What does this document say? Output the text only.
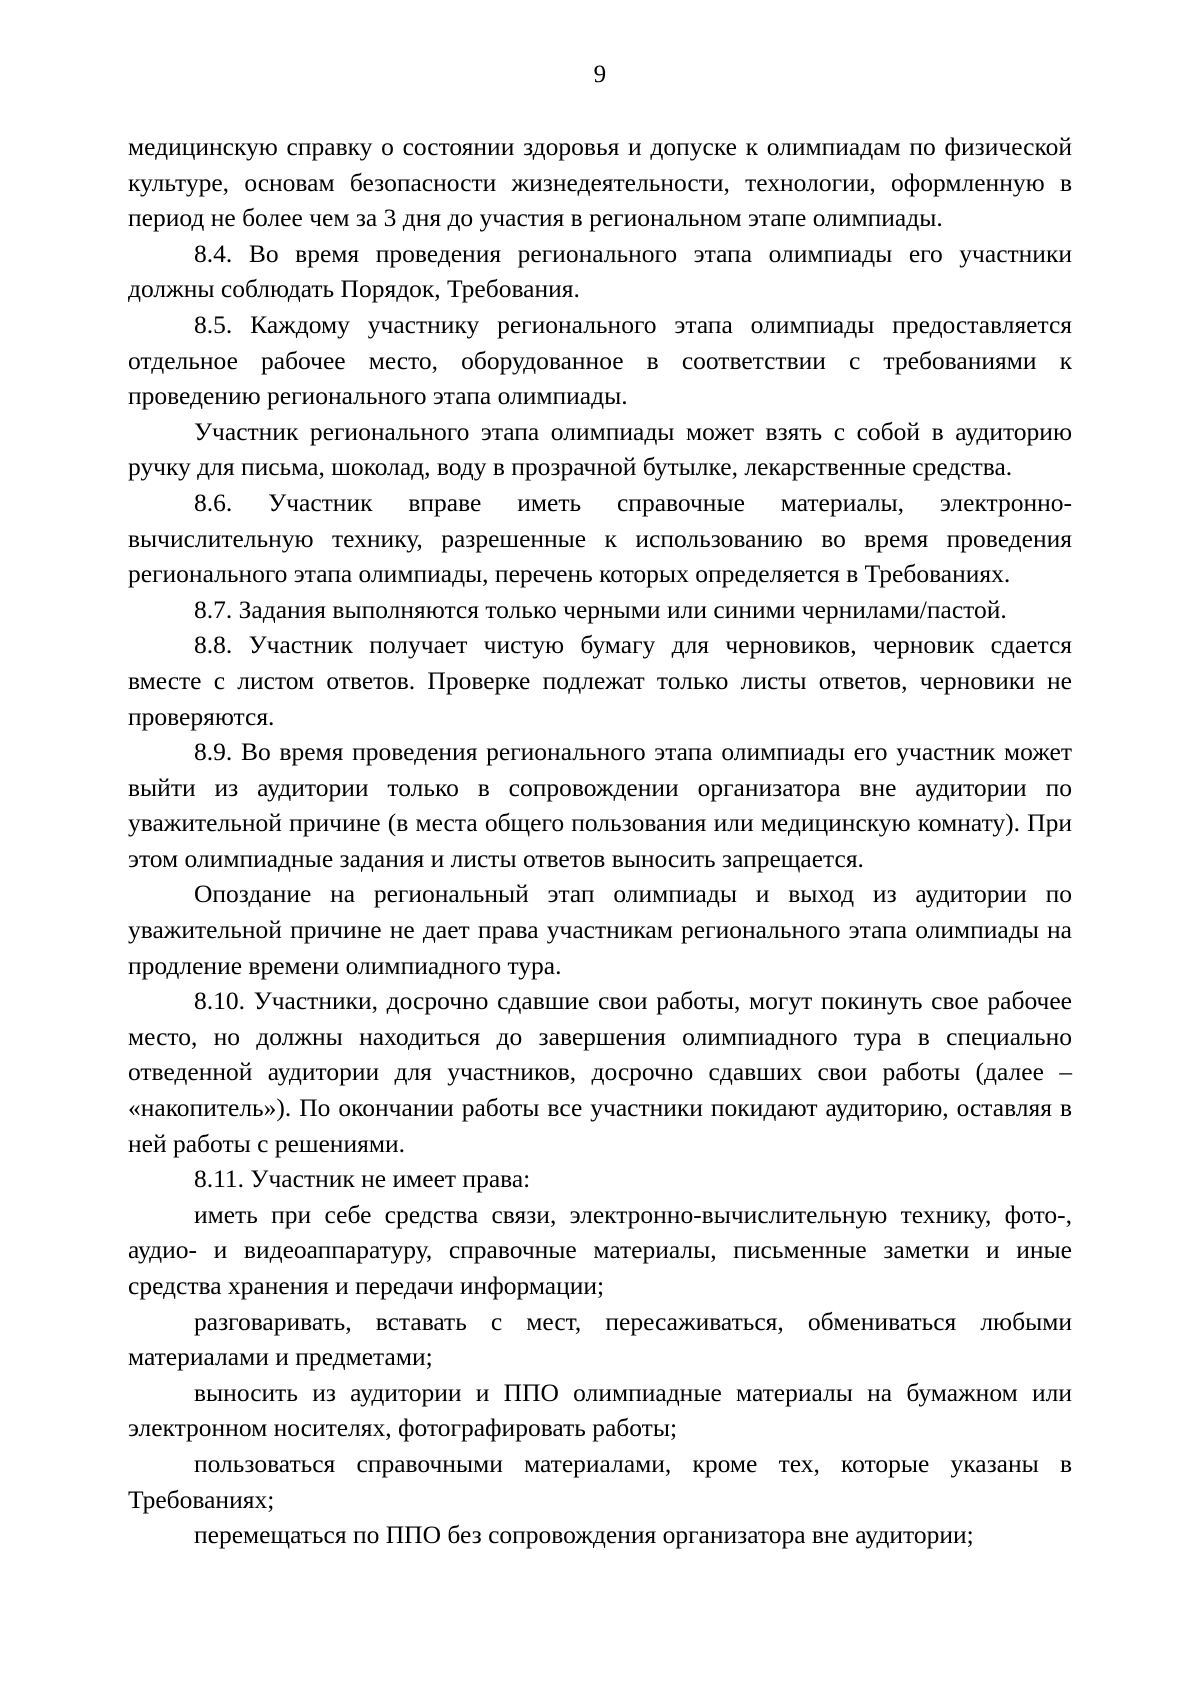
9

медицинскую справку о состоянии здоровья и допуске к олимпиадам по физической культуре, основам безопасности жизнедеятельности, технологии, оформленную в период не более чем за 3 дня до участия в региональном этапе олимпиады.

8.4. Во время проведения регионального этапа олимпиады его участники должны соблюдать Порядок, Требования.

8.5. Каждому участнику регионального этапа олимпиады предоставляется отдельное рабочее место, оборудованное в соответствии с требованиями к проведению регионального этапа олимпиады.

Участник регионального этапа олимпиады может взять с собой в аудиторию ручку для письма, шоколад, воду в прозрачной бутылке, лекарственные средства.

8.6. Участник вправе иметь справочные материалы, электронно-вычислительную технику, разрешенные к использованию во время проведения регионального этапа олимпиады, перечень которых определяется в Требованиях.

8.7. Задания выполняются только черными или синими чернилами/пастой.

8.8. Участник получает чистую бумагу для черновиков, черновик сдается вместе с листом ответов. Проверке подлежат только листы ответов, черновики не проверяются.

8.9. Во время проведения регионального этапа олимпиады его участник может выйти из аудитории только в сопровождении организатора вне аудитории по уважительной причине (в места общего пользования или медицинскую комнату). При этом олимпиадные задания и листы ответов выносить запрещается.

Опоздание на региональный этап олимпиады и выход из аудитории по уважительной причине не дает права участникам регионального этапа олимпиады на продление времени олимпиадного тура.

8.10. Участники, досрочно сдавшие свои работы, могут покинуть свое рабочее место, но должны находиться до завершения олимпиадного тура в специально отведенной аудитории для участников, досрочно сдавших свои работы (далее – «накопитель»). По окончании работы все участники покидают аудиторию, оставляя в ней работы с решениями.

8.11. Участник не имеет права:

иметь при себе средства связи, электронно-вычислительную технику, фото-, аудио- и видеоаппаратуру, справочные материалы, письменные заметки и иные средства хранения и передачи информации;

разговаривать, вставать с мест, пересаживаться, обмениваться любыми материалами и предметами;

выносить из аудитории и ППО олимпиадные материалы на бумажном или электронном носителях, фотографировать работы;

пользоваться справочными материалами, кроме тех, которые указаны в Требованиях;

перемещаться по ППО без сопровождения организатора вне аудитории;
